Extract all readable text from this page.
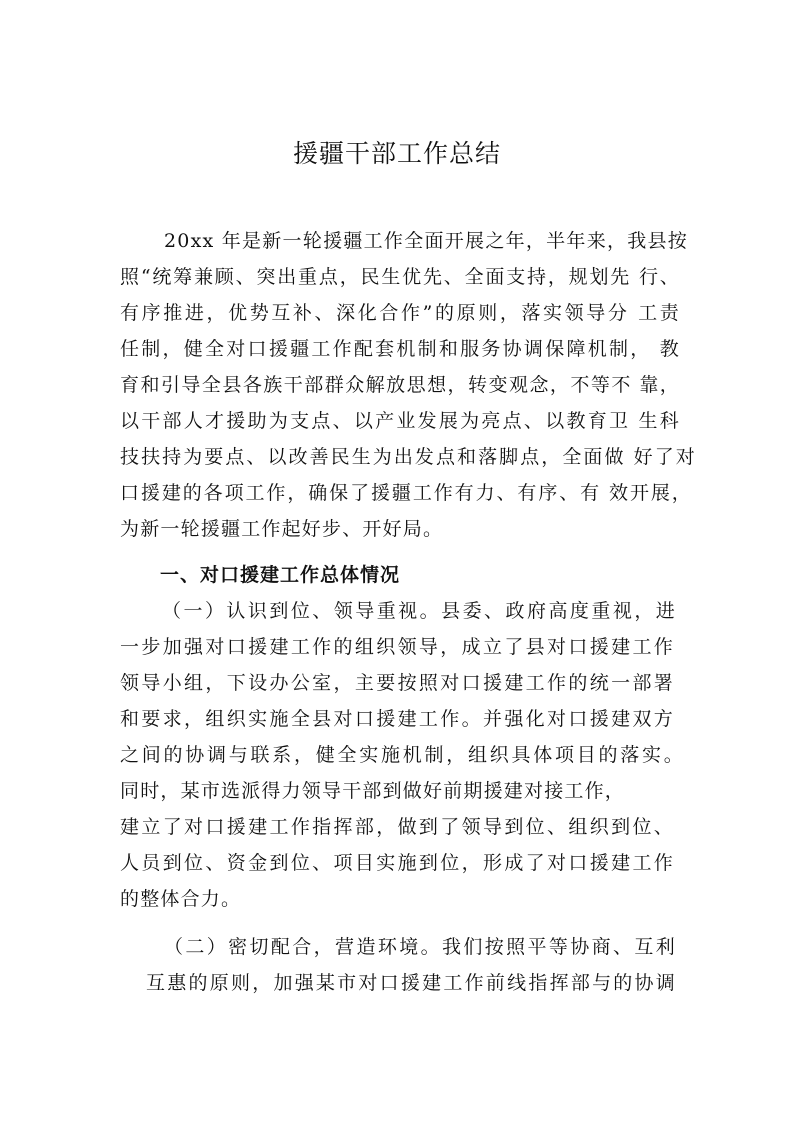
援疆干部工作总结
20xx 年是新一轮援疆工作全面开展之年，半年来，我县按
照“统筹兼顾、突出重点，民生优先、全面支持，规划先 行、
有序推进，优势互补、深化合作”的原则，落实领导分 工责
任制，健全对口援疆工作配套机制和服务协调保障机制， 教
育和引导全县各族干部群众解放思想，转变观念，不等不 靠，
以干部人才援助为支点、以产业发展为亮点、以教育卫 生科
技扶持为要点、以改善民生为出发点和落脚点，全面做 好了对
口援建的各项工作，确保了援疆工作有力、有序、有 效开展，
为新一轮援疆工作起好步、开好局。
一、对口援建工作总体情况
（一）认识到位、领导重视。县委、政府高度重视，进
一步加强对口援建工作的组织领导，成立了县对口援建工作
领导小组，下设办公室，主要按照对口援建工作的统一部署
和要求，组织实施全县对口援建工作。并强化对口援建双方
之间的协调与联系，健全实施机制，组织具体项目的落实。
同时，某市选派得力领导干部到做好前期援建对接工作，
建立了对口援建工作指挥部，做到了领导到位、组织到位、
人员到位、资金到位、项目实施到位，形成了对口援建工作
的整体合力。
（二）密切配合，营造环境。我们按照平等协商、互利
互惠的原则，加强某市对口援建工作前线指挥部与的协调
